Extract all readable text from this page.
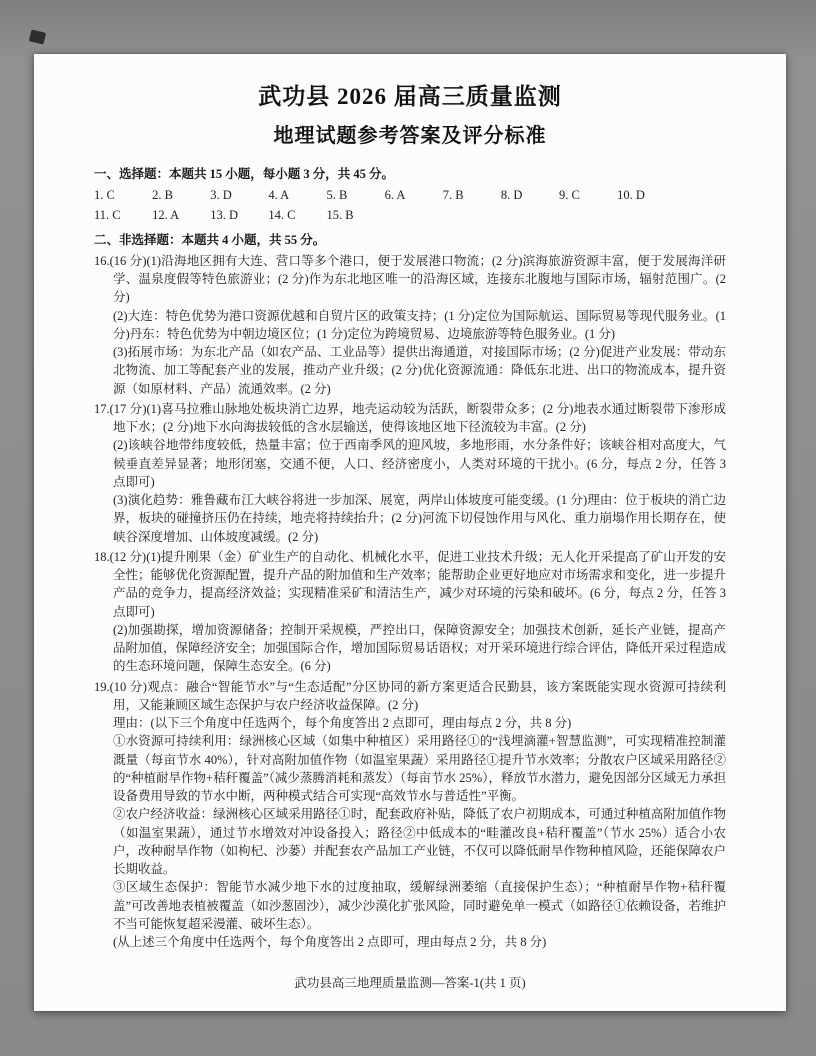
武功县 2026 届高三质量监测
地理试题参考答案及评分标准

一、选择题：本题共 15 小题，每小题 3 分，共 45 分。

1. C	2. B	3. D	4. A	5. B	6. A	7. B	8. D	9. C	10. D
11. C	12. A 13. D 14. C 15. B

二、非选择题：本题共 4 小题，共 55 分。

16.(16 分)(1)沿海地区拥有大连、营口等多个港口，便于发展港口物流；(2 分)滨海旅游资源丰富，便于发展海洋研学、温泉度假等特色旅游业；(2 分)作为东北地区唯一的沿海区域，连接东北腹地与国际市场，辐射范围广。(2 分)

(2)大连：特色优势为港口资源优越和自贸片区的政策支持；(1 分)定位为国际航运、国际贸易等现代服务业。(1 分)丹东：特色优势为中朝边境区位；(1 分)定位为跨境贸易、边境旅游等特色服务业。(1 分)

(3)拓展市场：为东北产品（如农产品、工业品等）提供出海通道，对接国际市场；(2 分)促进产业发展：带动东北物流、加工等配套产业的发展，推动产业升级；(2 分)优化资源流通：降低东北进、出口的物流成本，提升资源（如原材料、产品）流通效率。(2 分)

17.(17 分)(1)喜马拉雅山脉地处板块消亡边界，地壳运动较为活跃，断裂带众多；(2 分)地表水通过断裂带下渗形成地下水；(2 分)地下水向海拔较低的含水层输送，使得该地区地下径流较为丰富。(2 分)

(2)该峡谷地带纬度较低，热量丰富；位于西南季风的迎风坡，多地形雨，水分条件好；该峡谷相对高度大，气候垂直差异显著；地形闭塞，交通不便，人口、经济密度小，人类对环境的干扰小。(6 分，每点 2 分，任答 3 点即可)

(3)演化趋势：雅鲁藏布江大峡谷将进一步加深、展宽，两岸山体坡度可能变缓。(1 分)理由：位于板块的消亡边界，板块的碰撞挤压仍在持续，地壳将持续抬升；(2 分)河流下切侵蚀作用与风化、重力崩塌作用长期存在，使峡谷深度增加、山体坡度减缓。(2 分)

18.(12 分)(1)提升刚果（金）矿业生产的自动化、机械化水平，促进工业技术升级；无人化开采提高了矿山开发的安全性；能够优化资源配置，提升产品的附加值和生产效率；能帮助企业更好地应对市场需求和变化，进一步提升产品的竞争力，提高经济效益；实现精准采矿和清洁生产，减少对环境的污染和破坏。(6 分，每点 2 分，任答 3 点即可)

(2)加强勘探，增加资源储备；控制开采规模，严控出口，保障资源安全；加强技术创新，延长产业链，提高产品附加值，保障经济安全；加强国际合作，增加国际贸易话语权；对开采环境进行综合评估，降低开采过程造成的生态环境问题，保障生态安全。(6 分)

19.(10 分)观点：融合“智能节水”与“生态适配”分区协同的新方案更适合民勤县，该方案既能实现水资源可持续利用，又能兼顾区域生态保护与农户经济收益保障。(2 分)

理由：(以下三个角度中任选两个，每个角度答出 2 点即可，理由每点 2 分，共 8 分)

①水资源可持续利用：绿洲核心区域（如集中种植区）采用路径①的“浅埋滴灌+智慧监测”，可实现精准控制灌溉量（每亩节水 40%），针对高附加值作物（如温室果蔬）采用路径①提升节水效率；分散农户区域采用路径②的“种植耐旱作物+秸秆覆盖”（减少蒸腾消耗和蒸发）（每亩节水 25%），释放节水潜力，避免因部分区域无力承担设备费用导致的节水中断，两种模式结合可实现“高效节水与普适性”平衡。

②农户经济收益：绿洲核心区域采用路径①时，配套政府补贴，降低了农户初期成本，可通过种植高附加值作物（如温室果蔬），通过节水增效对冲设备投入；路径②中低成本的“畦灌改良+秸秆覆盖”（节水 25%）适合小农户，改种耐旱作物（如枸杞、沙蒌）并配套农产品加工产业链，不仅可以降低耐旱作物种植风险，还能保障农户长期收益。

③区域生态保护：智能节水减少地下水的过度抽取，缓解绿洲萎缩（直接保护生态）；“种植耐旱作物+秸秆覆盖”可改善地表植被覆盖（如沙葱固沙），减少沙漠化扩张风险，同时避免单一模式（如路径①依赖设备，若维护不当可能恢复超采漫灌、破坏生态）。

(从上述三个角度中任选两个，每个角度答出 2 点即可，理由每点 2 分，共 8 分)

武功县高三地理质量监测—答案-1(共 1 页)
